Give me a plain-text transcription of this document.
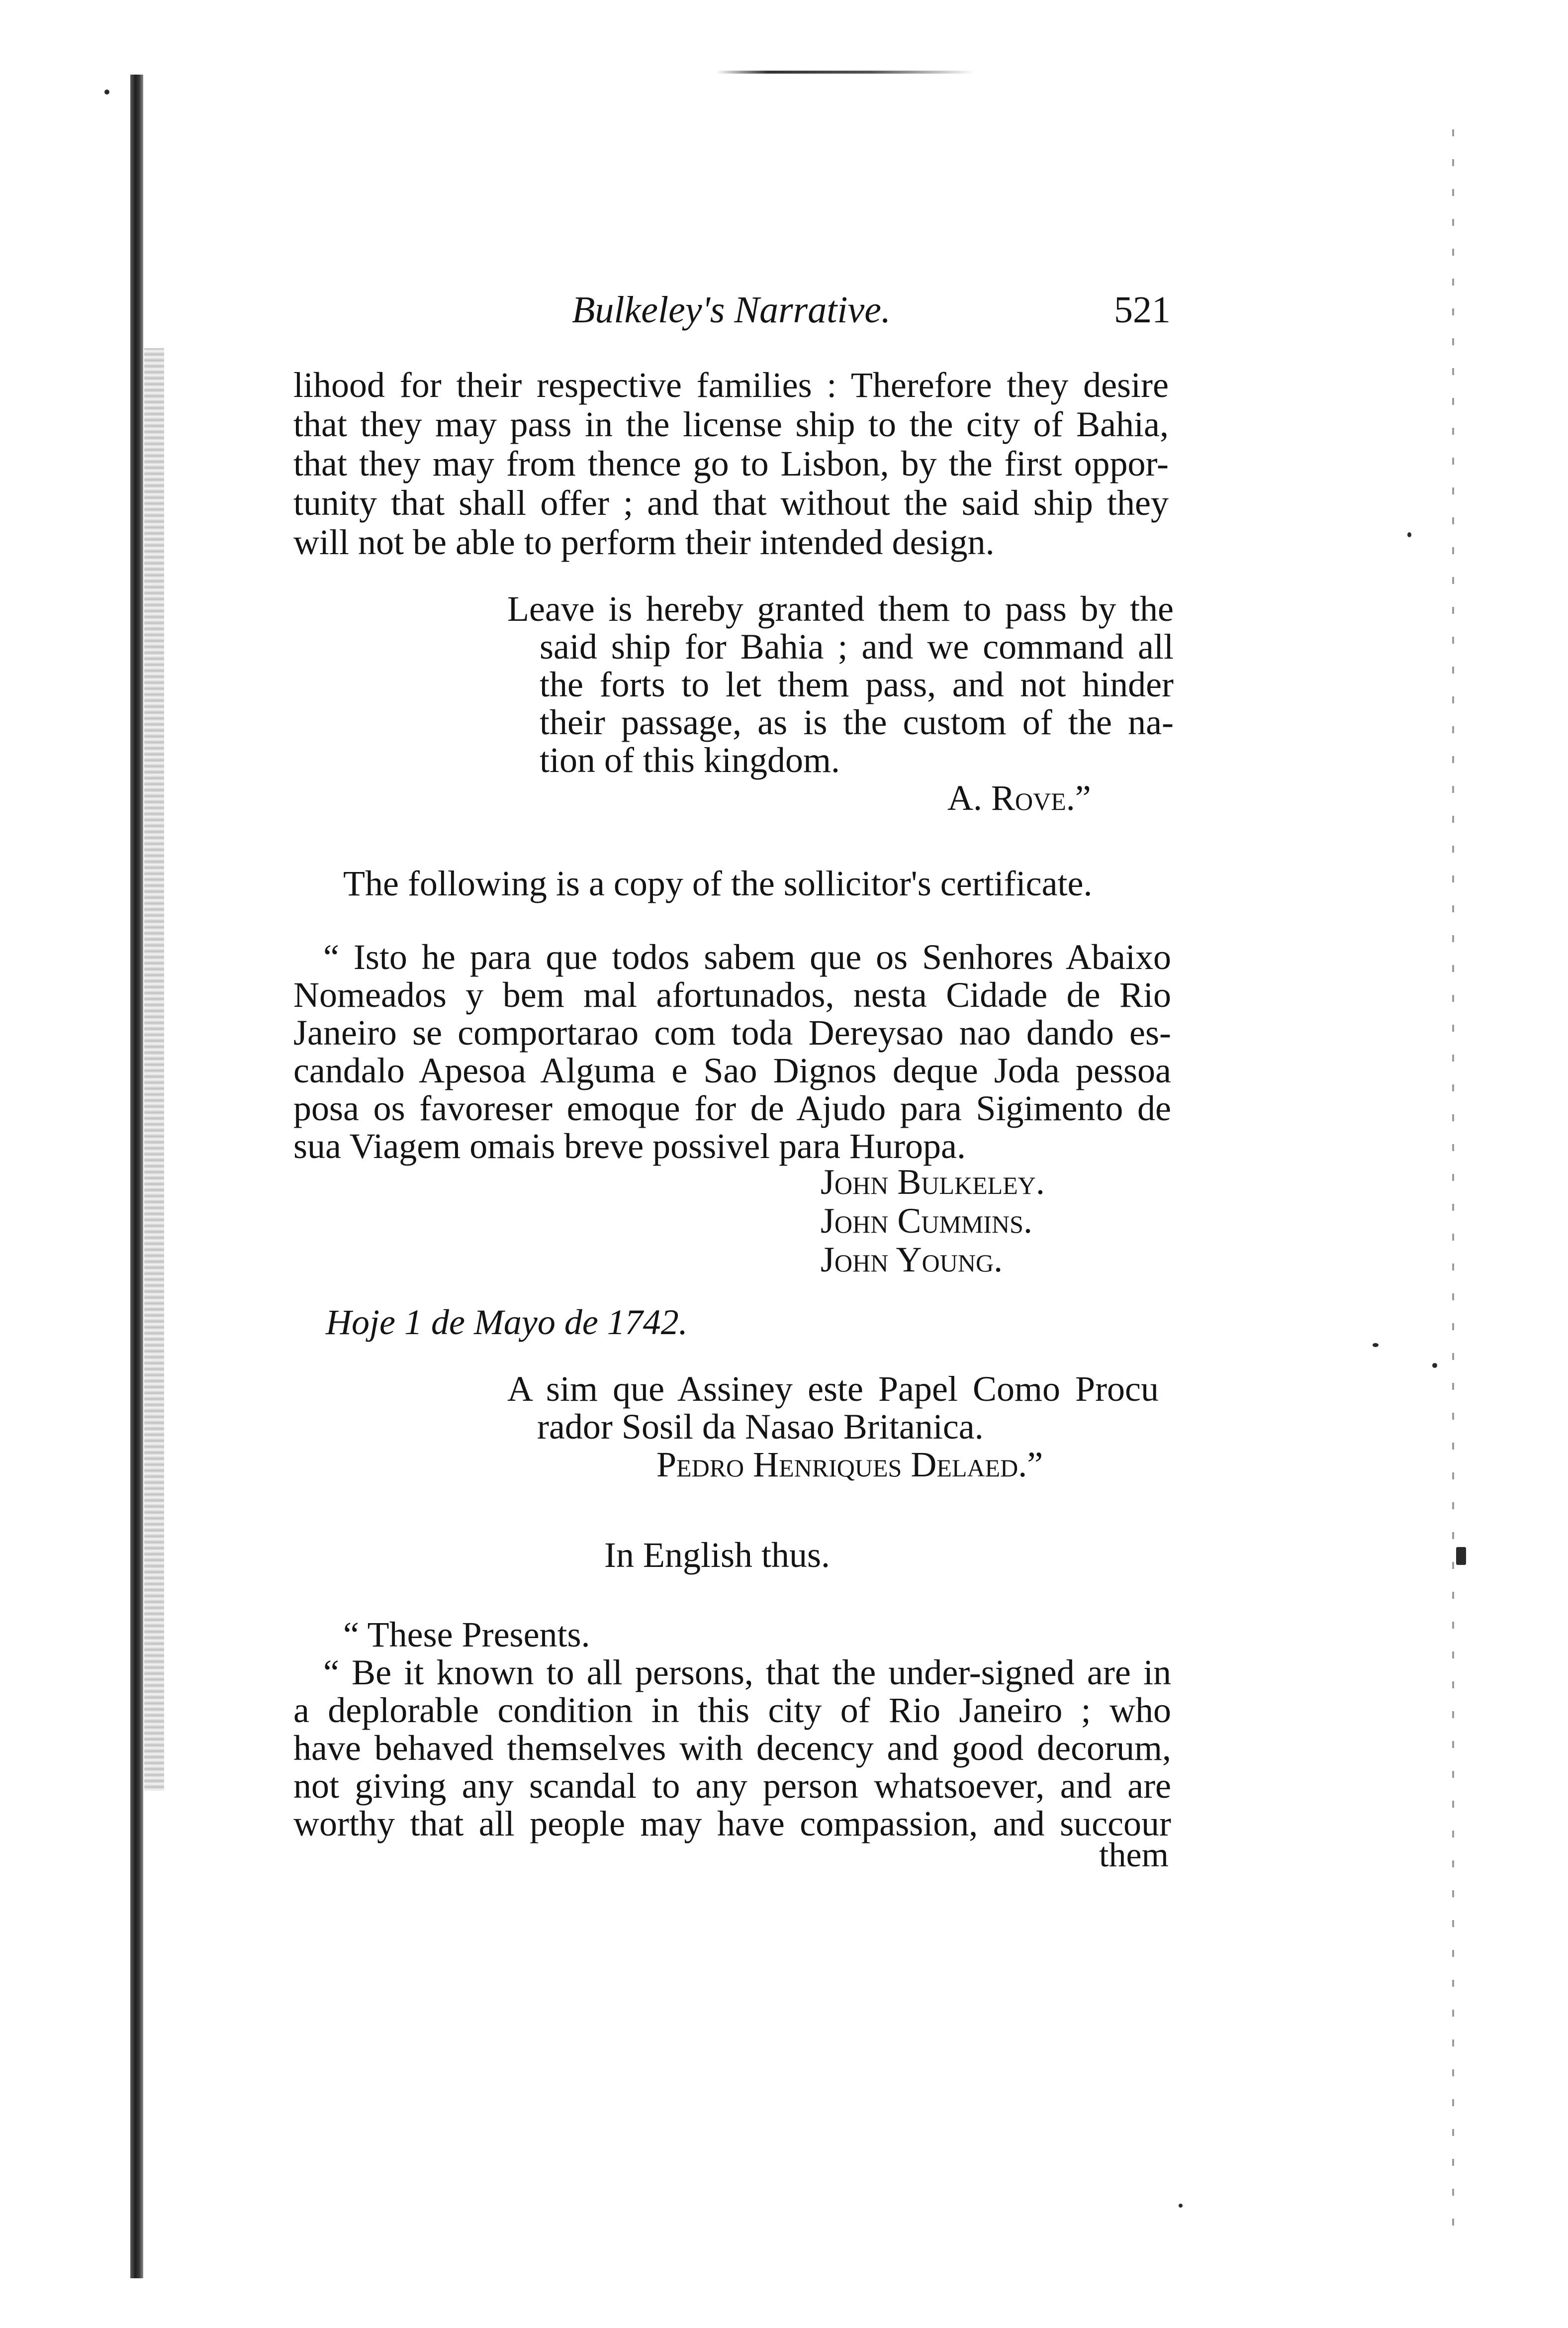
Bulkeley's Narrative.	521
lihood for their respective families : Therefore they desire
that they may pass in the license ship to the city of Bahia,
that they may from thence go to Lisbon, by the first oppor-
tunity that shall offer ; and that without the said ship they
will not be able to perform their intended design.
Leave is hereby granted them to pass by the
said ship for Bahia ; and we command all
the forts to let them pass, and not hinder
their passage, as is the custom of the na-
tion of this kingdom.
A. Rove.”
The following is a copy of the sollicitor's certificate.
“ Isto he para que todos sabem que os Senhores Abaixo
Nomeados y bem mal afortunados, nesta Cidade de Rio
Janeiro se comportarao com toda Dereysao nao dando es-
candalo Apesoa Alguma e Sao Dignos deque Joda pessoa
posa os favoreser emoque for de Ajudo para Sigimento de
sua Viagem omais breve possivel para Huropa.
John Bulkeley.
John Cummins.
John Young.
Hoje 1 de Mayo de 1742.
A sim que Assiney este Papel Como Procu
rador Sosil da Nasao Britanica.
Pedro Henriques Delaed.”
In English thus.
“ These Presents.
“ Be it known to all persons, that the under-signed are in
a deplorable condition in this city of Rio Janeiro ; who
have behaved themselves with decency and good decorum,
not giving any scandal to any person whatsoever, and are
worthy that all people may have compassion, and succour
them
